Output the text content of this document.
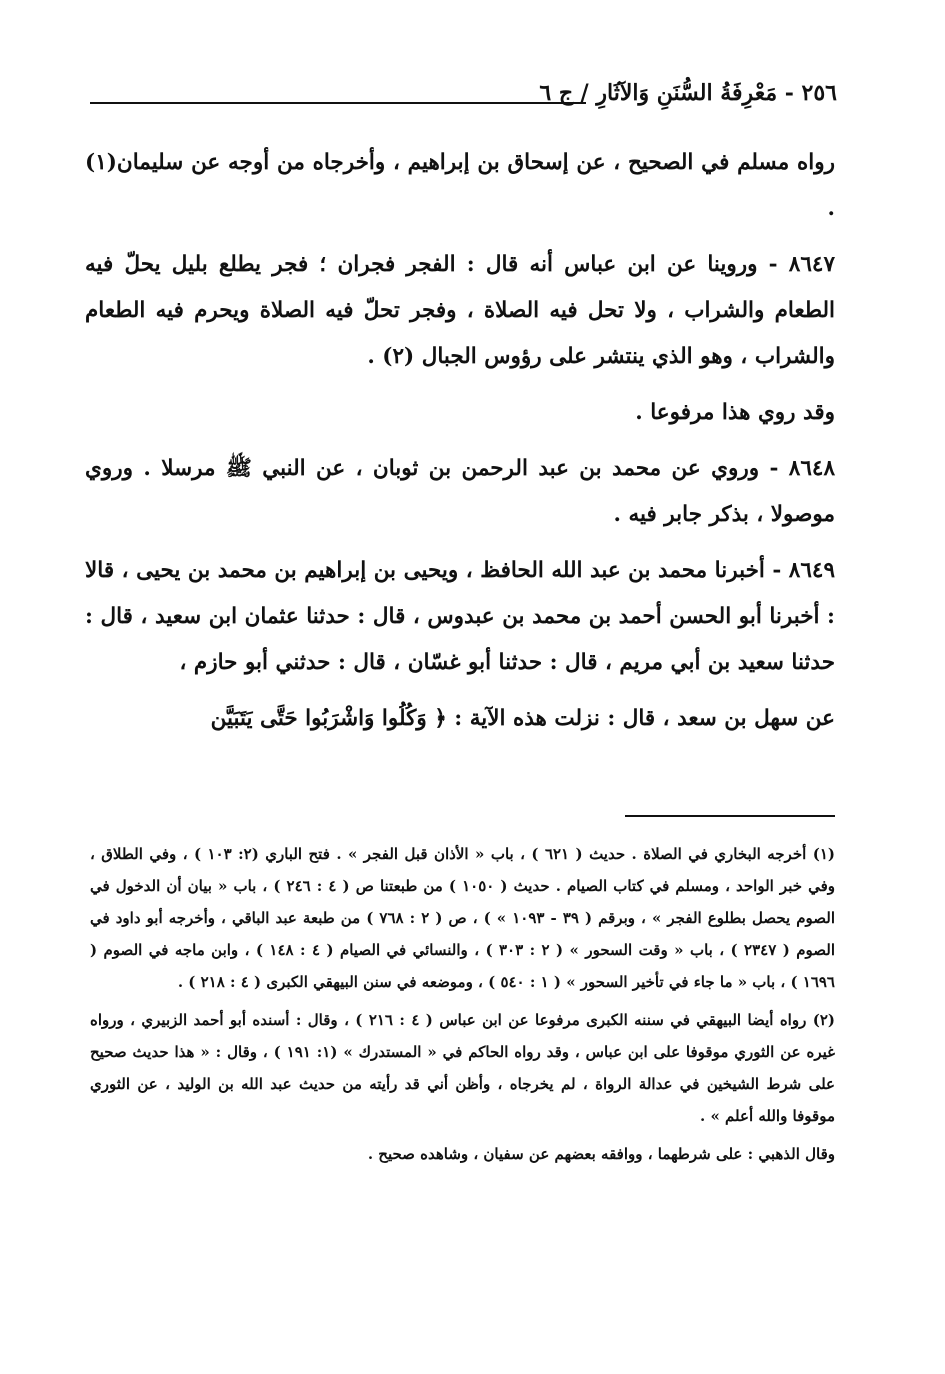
٢٥٦ - مَعْرِفَةُ السُّنَنِ وَالآثَارِ / ج ٦

رواه مسلم في الصحيح ، عن إسحاق بن إبراهيم ، وأخرجاه من أوجه عن سليمان(١) .

٨٦٤٧ - وروينا عن ابن عباس أنه قال : الفجر فجران ؛ فجر يطلع بليل يحلّ فيه الطعام والشراب ، ولا تحل فيه الصلاة ، وفجر تحلّ فيه الصلاة ويحرم فيه الطعام والشراب ، وهو الذي ينتشر على رؤوس الجبال (٢) .

وقد روي هذا مرفوعا .

٨٦٤٨ - وروي عن محمد بن عبد الرحمن بن ثوبان ، عن النبي ﷺ مرسلا . وروي موصولا ، بذكر جابر فيه .

٨٦٤٩ - أخبرنا محمد بن عبد الله الحافظ ، ويحيى بن إبراهيم بن محمد بن يحيى ، قالا : أخبرنا أبو الحسن أحمد بن محمد بن عبدوس ، قال : حدثنا عثمان ابن سعيد ، قال : حدثنا سعيد بن أبي مريم ، قال : حدثنا أبو غسّان ، قال : حدثني أبو حازم ،

عن سهل بن سعد ، قال : نزلت هذه الآية : ﴿ وَكُلُوا وَاشْرَبُوا حَتَّى يَتَبَيَّن

(١) أخرجه البخاري في الصلاة . حديث ( ٦٢١ ) ، باب « الأذان قبل الفجر » . فتح الباري (٢: ١٠٣ ) ، وفي الطلاق ، وفي خبر الواحد ، ومسلم في كتاب الصيام . حديث ( ١٠٥٠ ) من طبعتنا ص ( ٤ : ٢٤٦ ) ، باب « بيان أن الدخول في الصوم يحصل بطلوع الفجر » ، وبرقم ( ٣٩ - ١٠٩٣ » ) ، ص ( ٢ : ٧٦٨ ) من طبعة عبد الباقي ، وأخرجه أبو داود في الصوم ( ٢٣٤٧ ) ، باب « وقت السحور » ( ٢ : ٣٠٣ ) ، والنسائي في الصيام ( ٤ : ١٤٨ ) ، وابن ماجه في الصوم ( ١٦٩٦ ) ، باب « ما جاء في تأخير السحور » ( ١ : ٥٤٠ ) ، وموضعه في سنن البيهقي الكبرى ( ٤ : ٢١٨ ) .

(٢) رواه أيضا البيهقي في سننه الكبرى مرفوعا عن ابن عباس ( ٤ : ٢١٦ ) ، وقال : أسنده أبو أحمد الزبيري ، ورواه غيره عن الثوري موقوفا على ابن عباس ، وقد رواه الحاكم في « المستدرك » (١: ١٩١ ) ، وقال : « هذا حديث صحيح على شرط الشيخين في عدالة الرواة ، لم يخرجاه ، وأظن أني قد رأيته من حديث عبد الله بن الوليد ، عن الثوري موقوفا والله أعلم » .

وقال الذهبي : على شرطهما ، ووافقه بعضهم عن سفيان ، وشاهده صحيح .
